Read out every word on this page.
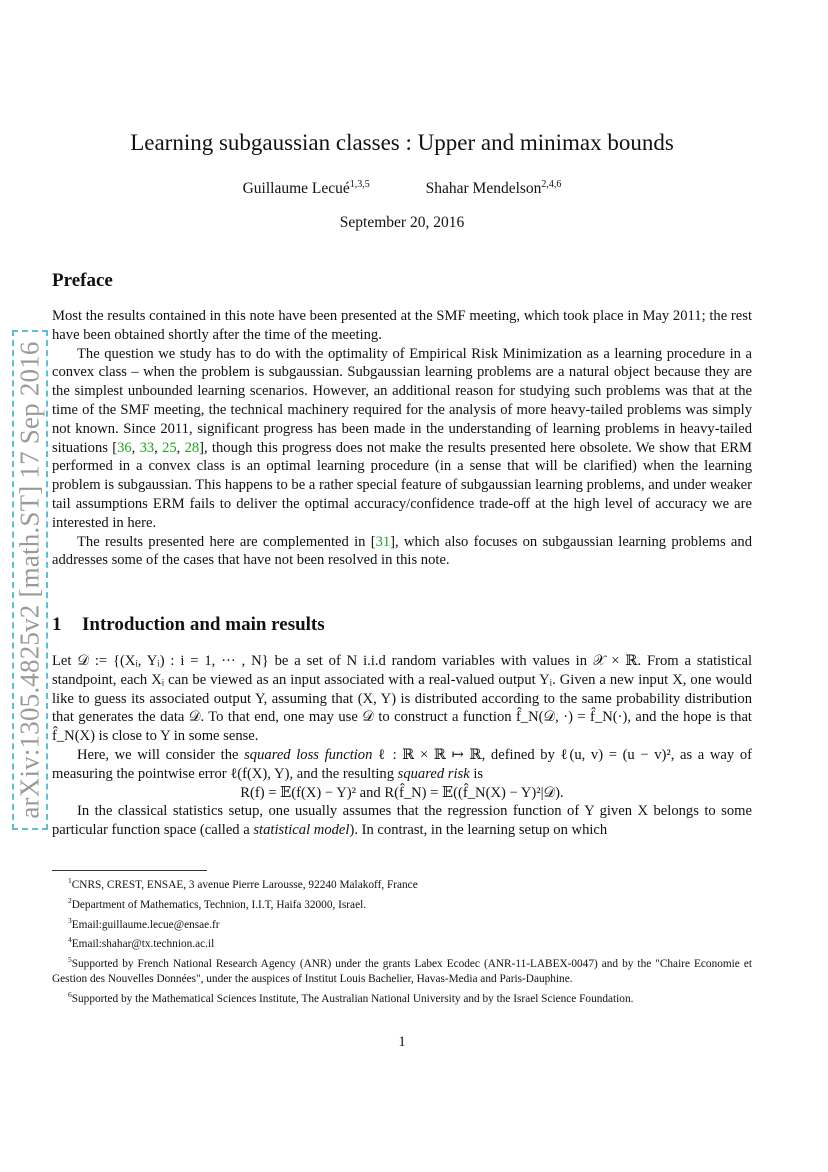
arXiv:1305.4825v2 [math.ST] 17 Sep 2016
Learning subgaussian classes : Upper and minimax bounds
Guillaume Lecué$^{1,3,5}$	Shahar Mendelson$^{2,4,6}$
September 20, 2016
Preface

Most the results contained in this note have been presented at the SMF meeting, which took place in May 2011; the rest have been obtained shortly after the time of the meeting.

The question we study has to do with the optimality of Empirical Risk Minimization as a learning procedure in a convex class – when the problem is subgaussian. Subgaussian learning problems are a natural object because they are the simplest unbounded learning scenarios. However, an additional reason for studying such problems was that at the time of the SMF meeting, the technical machinery required for the analysis of more heavy-tailed problems was simply not known. Since 2011, significant progress has been made in the understanding of learning problems in heavy-tailed situations [36, 33, 25, 28], though this progress does not make the results presented here obsolete. We show that ERM performed in a convex class is an optimal learning procedure (in a sense that will be clarified) when the learning problem is subgaussian. This happens to be a rather special feature of subgaussian learning problems, and under weaker tail assumptions ERM fails to deliver the optimal accuracy/confidence trade-off at the high level of accuracy we are interested in here.

The results presented here are complemented in [31], which also focuses on subgaussian learning problems and addresses some of the cases that have not been resolved in this note.

1 Introduction and main results

Let 𝒟 := {(Xᵢ, Yᵢ) : i = 1, ··· , N} be a set of N i.i.d random variables with values in 𝒳 × ℝ. From a statistical standpoint, each Xᵢ can be viewed as an input associated with a real-valued output Yᵢ. Given a new input X, one would like to guess its associated output Y, assuming that (X, Y) is distributed according to the same probability distribution that generates the data 𝒟. To that end, one may use 𝒟 to construct a function f̂_N(𝒟, ·) = f̂_N(·), and the hope is that f̂_N(X) is close to Y in some sense.

Here, we will consider the squared loss function ℓ : ℝ × ℝ ↦ ℝ, defined by ℓ(u, v) = (u − v)², as a way of measuring the pointwise error ℓ(f(X), Y), and the resulting squared risk is

R(f) = 𝔼(f(X) − Y)² and R(f̂_N) = 𝔼((f̂_N(X) − Y)²|𝒟).

In the classical statistics setup, one usually assumes that the regression function of Y given X belongs to some particular function space (called a statistical model). In contrast, in the learning setup on which

$^1$CNRS, CREST, ENSAE, 3 avenue Pierre Larousse, 92240 Malakoff, France

$^2$Department of Mathematics, Technion, I.I.T, Haifa 32000, Israel.

$^3$Email:guillaume.lecue@ensae.fr

$^4$Email:shahar@tx.technion.ac.il

$^5$Supported by French National Research Agency (ANR) under the grants Labex Ecodec (ANR-11-LABEX-0047) and by the "Chaire Economie et Gestion des Nouvelles Données", under the auspices of Institut Louis Bachelier, Havas-Media and Paris-Dauphine.

$^6$Supported by the Mathematical Sciences Institute, The Australian National University and by the Israel Science Foundation.

1
